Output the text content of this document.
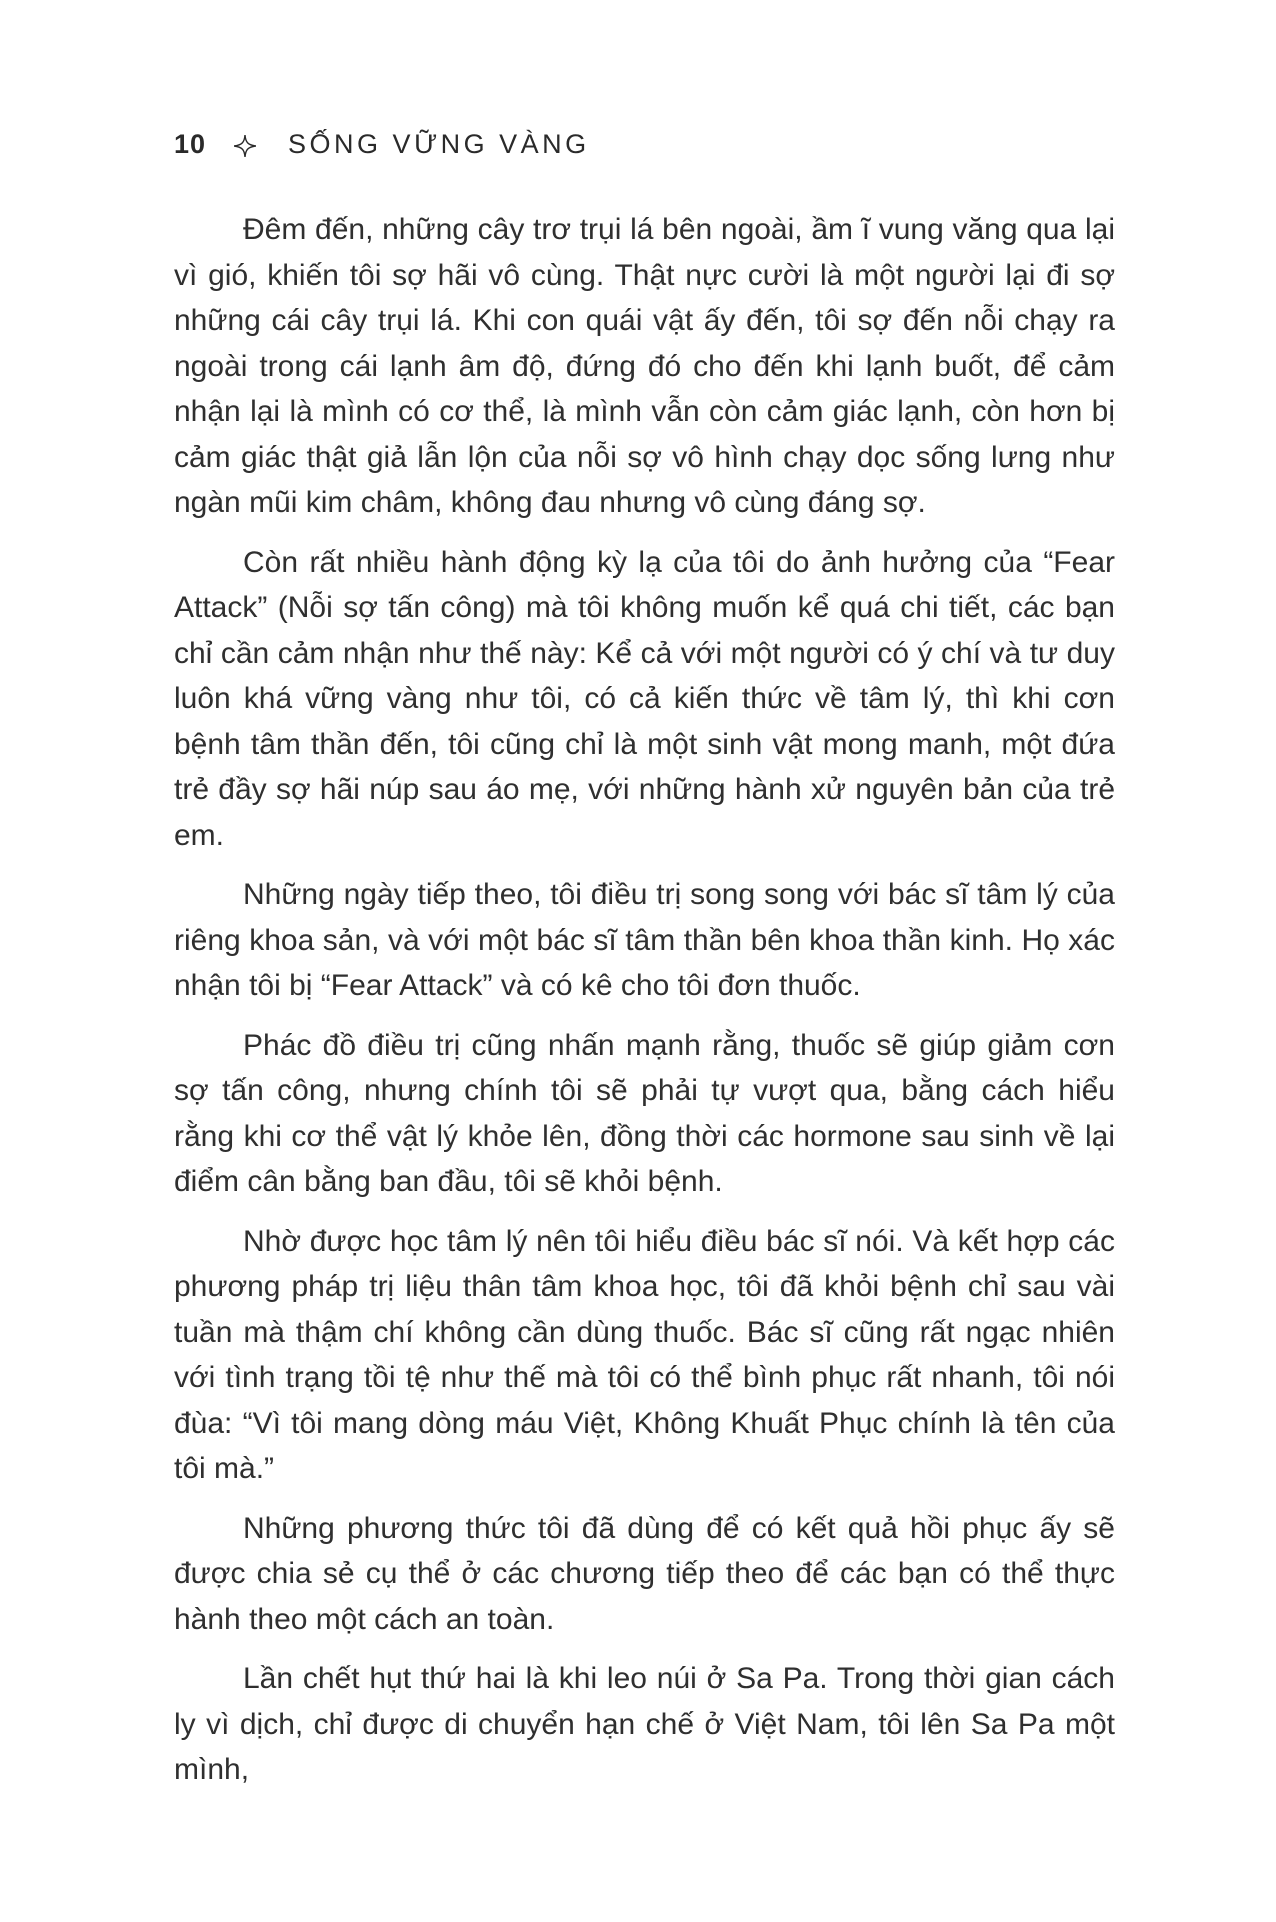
10	SỐNG VỮNG VÀNG

Đêm đến, những cây trơ trụi lá bên ngoài, ầm ĩ vung văng qua lại vì gió, khiến tôi sợ hãi vô cùng. Thật nực cười là một người lại đi sợ những cái cây trụi lá. Khi con quái vật ấy đến, tôi sợ đến nỗi chạy ra ngoài trong cái lạnh âm độ, đứng đó cho đến khi lạnh buốt, để cảm nhận lại là mình có cơ thể, là mình vẫn còn cảm giác lạnh, còn hơn bị cảm giác thật giả lẫn lộn của nỗi sợ vô hình chạy dọc sống lưng như ngàn mũi kim châm, không đau nhưng vô cùng đáng sợ.

Còn rất nhiều hành động kỳ lạ của tôi do ảnh hưởng của “Fear Attack” (Nỗi sợ tấn công) mà tôi không muốn kể quá chi tiết, các bạn chỉ cần cảm nhận như thế này: Kể cả với một người có ý chí và tư duy luôn khá vững vàng như tôi, có cả kiến thức về tâm lý, thì khi cơn bệnh tâm thần đến, tôi cũng chỉ là một sinh vật mong manh, một đứa trẻ đầy sợ hãi núp sau áo mẹ, với những hành xử nguyên bản của trẻ em.

Những ngày tiếp theo, tôi điều trị song song với bác sĩ tâm lý của riêng khoa sản, và với một bác sĩ tâm thần bên khoa thần kinh. Họ xác nhận tôi bị “Fear Attack” và có kê cho tôi đơn thuốc.

Phác đồ điều trị cũng nhấn mạnh rằng, thuốc sẽ giúp giảm cơn sợ tấn công, nhưng chính tôi sẽ phải tự vượt qua, bằng cách hiểu rằng khi cơ thể vật lý khỏe lên, đồng thời các hormone sau sinh về lại điểm cân bằng ban đầu, tôi sẽ khỏi bệnh.

Nhờ được học tâm lý nên tôi hiểu điều bác sĩ nói. Và kết hợp các phương pháp trị liệu thân tâm khoa học, tôi đã khỏi bệnh chỉ sau vài tuần mà thậm chí không cần dùng thuốc. Bác sĩ cũng rất ngạc nhiên với tình trạng tồi tệ như thế mà tôi có thể bình phục rất nhanh, tôi nói đùa: “Vì tôi mang dòng máu Việt, Không Khuất Phục chính là tên của tôi mà.”

Những phương thức tôi đã dùng để có kết quả hồi phục ấy sẽ được chia sẻ cụ thể ở các chương tiếp theo để các bạn có thể thực hành theo một cách an toàn.

Lần chết hụt thứ hai là khi leo núi ở Sa Pa. Trong thời gian cách ly vì dịch, chỉ được di chuyển hạn chế ở Việt Nam, tôi lên Sa Pa một mình,
